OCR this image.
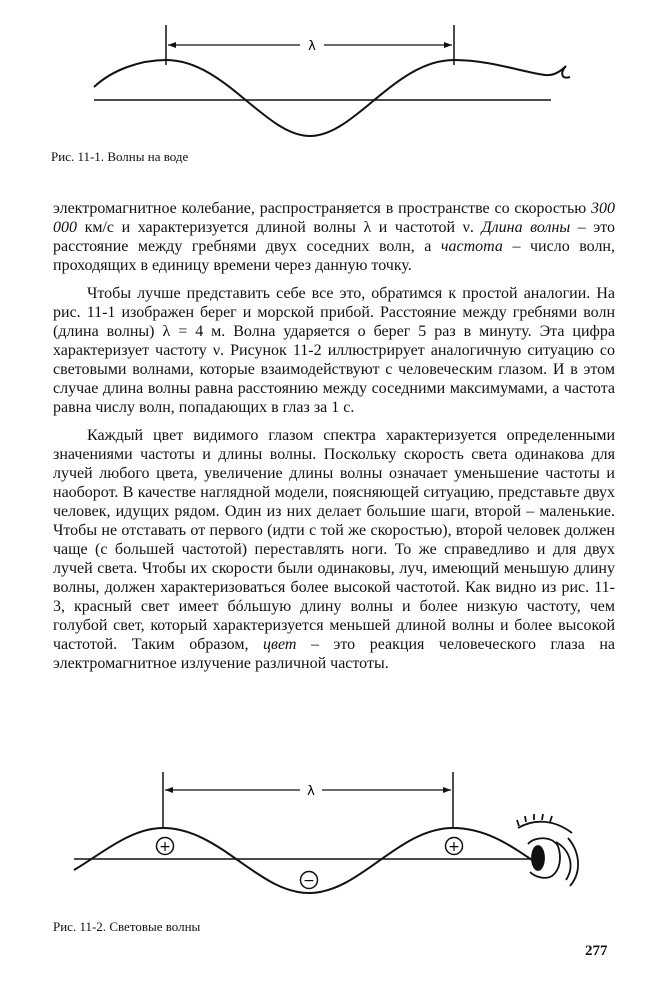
λ
Рис. 11-1. Волны на воде

электромагнитное колебание, распространяется в пространстве со скоростью 300 000 км/с и характеризуется длиной волны λ и частотой ν. Длина волны – это расстояние между гребнями двух соседних волн, а частота – число волн, проходящих в единицу времени через данную точку.

Чтобы лучше представить себе все это, обратимся к простой аналогии. На рис. 11-1 изображен берег и морской прибой. Расстояние между гребнями волн (длина волны) λ = 4 м. Волна ударяется о берег 5 раз в минуту. Эта цифра характеризует частоту ν. Рисунок 11-2 иллюстрирует аналогичную ситуацию со световыми волнами, которые взаимодействуют с человеческим глазом. И в этом случае длина волны равна расстоянию между соседними максимумами, а частота равна числу волн, попадающих в глаз за 1 с.

Каждый цвет видимого глазом спектра характеризуется определенными значениями частоты и длины волны. Поскольку скорость света одинакова для лучей любого цвета, увеличение длины волны означает уменьшение частоты и наоборот. В качестве наглядной модели, поясняющей ситуацию, представьте двух человек, идущих рядом. Один из них делает большие шаги, второй – маленькие. Чтобы не отставать от первого (идти с той же скоростью), второй человек должен чаще (с большей частотой) переставлять ноги. То же справедливо и для двух лучей света. Чтобы их скорости были одинаковы, луч, имеющий меньшую длину волны, должен характеризоваться более высокой частотой. Как видно из рис. 11-3, красный свет имеет бóльшую длину волны и более низкую частоту, чем голубой свет, который характеризуется меньшей длиной волны и более высокой частотой. Таким образом, цвет – это реакция человеческого глаза на электромагнитное излучение различной частоты.

λ
+
−
+
Рис. 11-2. Световые волны
277
